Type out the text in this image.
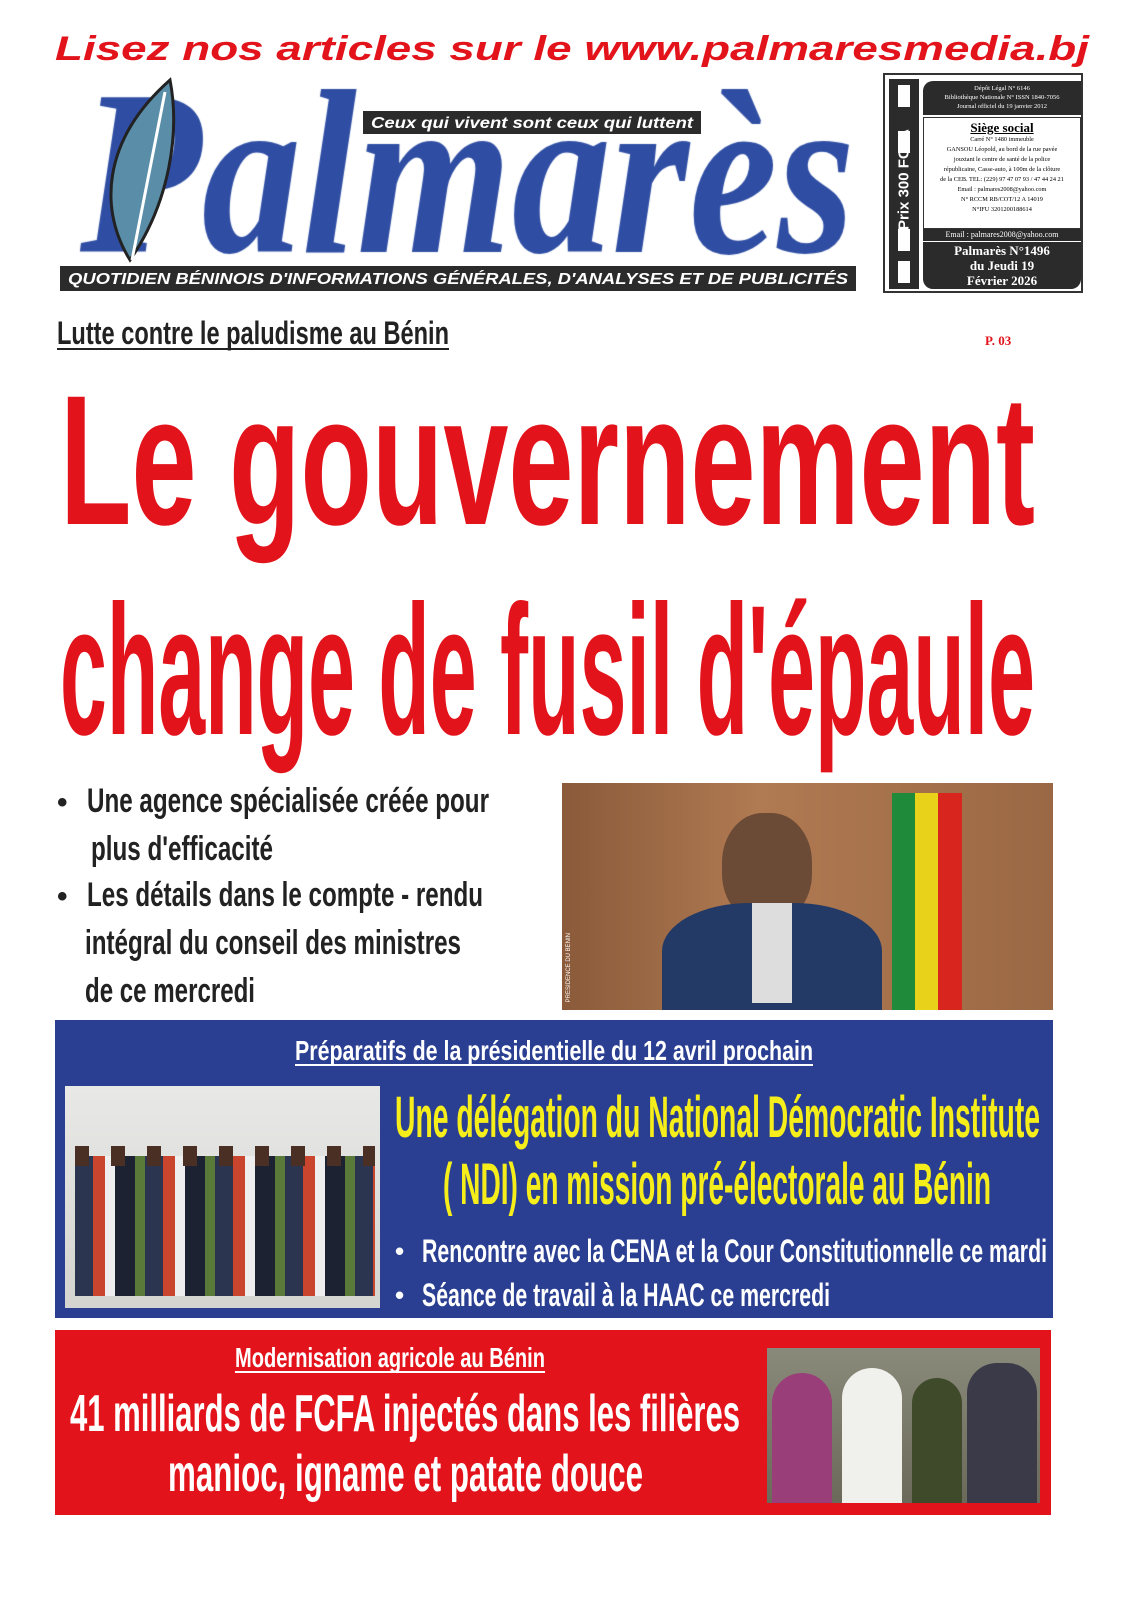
Lisez nos articles sur le www.palmaresmedia.bj
Ceux qui vivent sont ceux qui luttent
QUOTIDIEN BÉNINOIS D'INFORMATIONS GÉNÉRALES, D'ANALYSES ET DE PUBLICITÉS
Prix 300 FCFA
Dépôt Légal N° 6146
Bibliothèque Nationale N° ISSN 1840-7056
Journal officiel du 19 janvier 2012
Siège social
Carré N° 1480 immeuble
GANSOU Léopold, au bord de la rue pavée
jouxtant le centre de santé de la police
républicaine, Casse-auto, à 100m de la clôture
de la CEB. TEL: (229) 97 47 07 93 / 47 44 24 21
Email : palmares2008@yahoo.com
N° RCCM RB/COT/12 A 14019
N°IFU 3201200188614
Email : palmares2008@yahoo.com
Palmarès N°1496
du Jeudi 19
Février 2026
Lutte contre le paludisme au Bénin	P. 03
Le gouvernement
change de fusil d'épaule
• Une agence spécialisée créée pour
plus d'efficacité
• Les détails dans le compte - rendu
intégral du conseil des ministres
de ce mercredi	PRÉSIDENCE DU BÉNIN
Préparatifs de la présidentielle du 12 avril prochain
Une délégation du National Démocratic Institute
( NDI) en mission pré-électorale au Bénin
• Rencontre avec la CENA et la Cour Constitutionnelle ce mardi
• Séance de travail à la HAAC ce mercredi
Modernisation agricole au Bénin
41 milliards de FCFA injectés dans les filières
manioc, igname et patate douce
